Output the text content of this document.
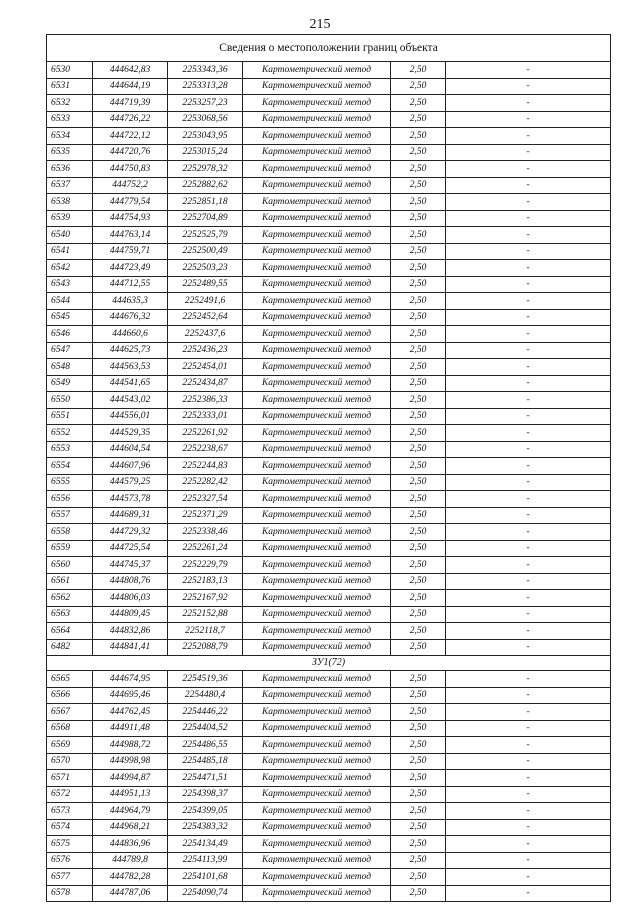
215
Сведения о местоположении границ объекта					
6530	444642,83	2253343,36	Картометрический метод	2,50	-
6531	444644,19	2253313,28	Картометрический метод	2,50	-
6532	444719,39	2253257,23	Картометрический метод	2,50	-
6533	444726,22	2253068,56	Картометрический метод	2,50	-
6534	444722,12	2253043,95	Картометрический метод	2,50	-
6535	444720,76	2253015,24	Картометрический метод	2,50	-
6536	444750,83	2252978,32	Картометрический метод	2,50	-
6537	444752,2	2252882,62	Картометрический метод	2,50	-
6538	444779,54	2252851,18	Картометрический метод	2,50	-
6539	444754,93	2252704,89	Картометрический метод	2,50	-
6540	444763,14	2252525,79	Картометрический метод	2,50	-
6541	444759,71	2252500,49	Картометрический метод	2,50	-
6542	444723,49	2252503,23	Картометрический метод	2,50	-
6543	444712,55	2252489,55	Картометрический метод	2,50	-
6544	444635,3	2252491,6	Картометрический метод	2,50	-
6545	444676,32	2252452,64	Картометрический метод	2,50	-
6546	444660,6	2252437,6	Картометрический метод	2,50	-
6547	444625,73	2252436,23	Картометрический метод	2,50	-
6548	444563,53	2252454,01	Картометрический метод	2,50	-
6549	444541,65	2252434,87	Картометрический метод	2,50	-
6550	444543,02	2252386,33	Картометрический метод	2,50	-
6551	444556,01	2252333,01	Картометрический метод	2,50	-
6552	444529,35	2252261,92	Картометрический метод	2,50	-
6553	444604,54	2252238,67	Картометрический метод	2,50	-
6554	444607,96	2252244,83	Картометрический метод	2,50	-
6555	444579,25	2252282,42	Картометрический метод	2,50	-
6556	444573,78	2252327,54	Картометрический метод	2,50	-
6557	444689,31	2252371,29	Картометрический метод	2,50	-
6558	444729,32	2252338,46	Картометрический метод	2,50	-
6559	444725,54	2252261,24	Картометрический метод	2,50	-
6560	444745,37	2252229,79	Картометрический метод	2,50	-
6561	444808,76	2252183,13	Картометрический метод	2,50	-
6562	444806,03	2252167,92	Картометрический метод	2,50	-
6563	444809,45	2252152,88	Картометрический метод	2,50	-
6564	444832,86	2252118,7	Картометрический метод	2,50	-
6482	444841,41	2252088,79	Картометрический метод	2,50	-
ЗУ1(72)					
6565	444674,95	2254519,36	Картометрический метод	2,50	-
6566	444695,46	2254480,4	Картометрический метод	2,50	-
6567	444762,45	2254446,22	Картометрический метод	2,50	-
6568	444911,48	2254404,52	Картометрический метод	2,50	-
6569	444988,72	2254486,55	Картометрический метод	2,50	-
6570	444998,98	2254485,18	Картометрический метод	2,50	-
6571	444994,87	2254471,51	Картометрический метод	2,50	-
6572	444951,13	2254398,37	Картометрический метод	2,50	-
6573	444964,79	2254399,05	Картометрический метод	2,50	-
6574	444968,21	2254383,32	Картометрический метод	2,50	-
6575	444836,96	2254134,49	Картометрический метод	2,50	-
6576	444789,8	2254113,99	Картометрический метод	2,50	-
6577	444782,28	2254101,68	Картометрический метод	2,50	-
6578	444787,06	2254090,74	Картометрический метод	2,50	-
